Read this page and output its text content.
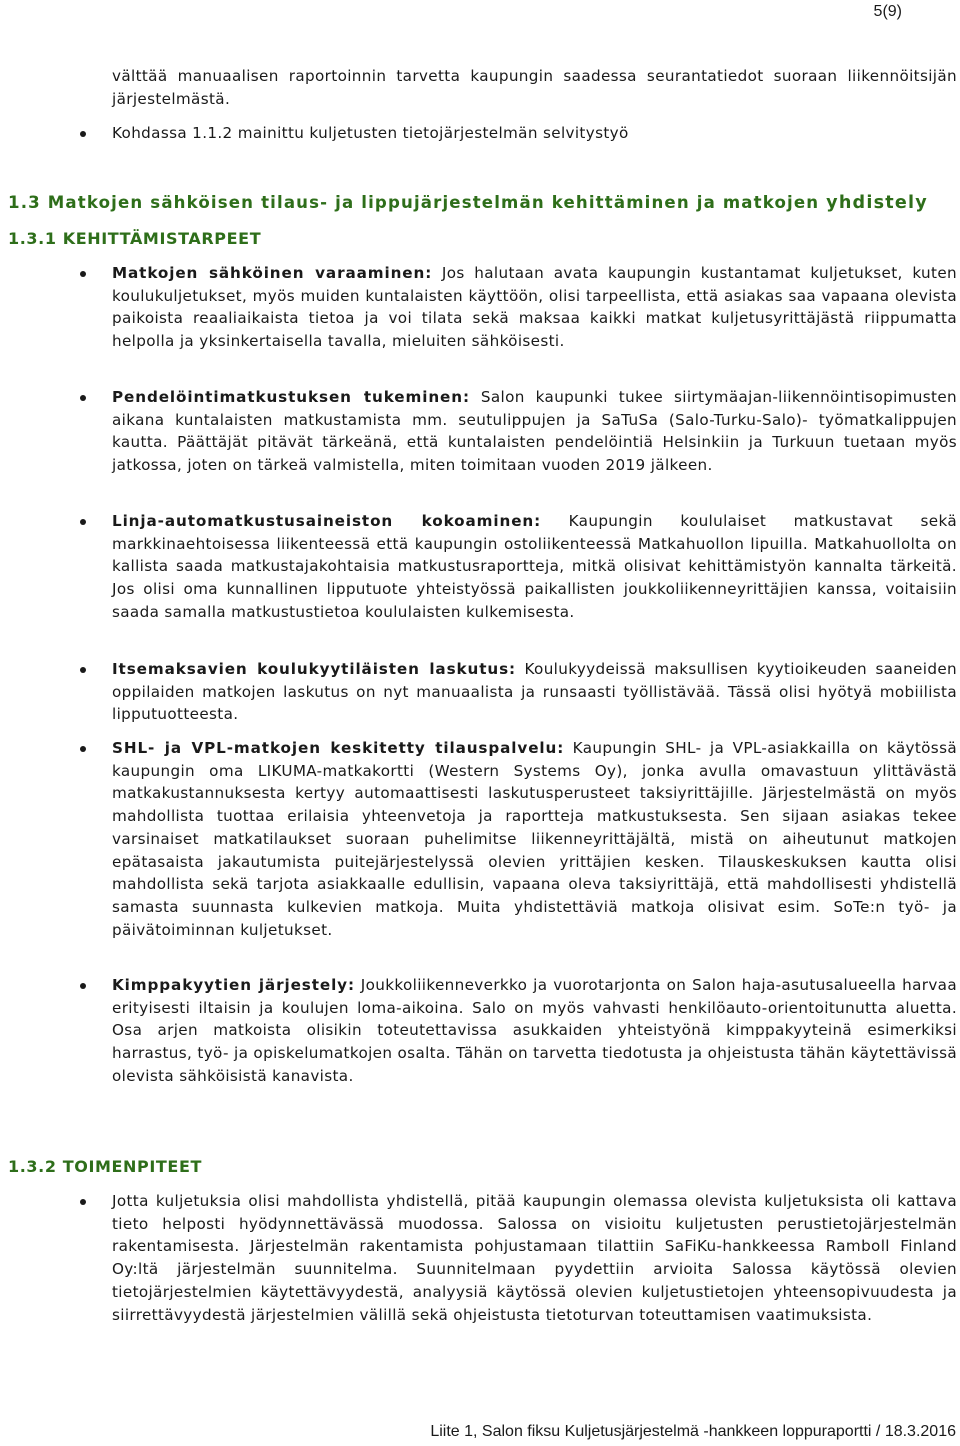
5(9)

välttää manuaalisen raportoinnin tarvetta kaupungin saadessa seurantatiedot suoraan liikennöitsijän järjestelmästä.

Kohdassa 1.1.2 mainittu kuljetusten tietojärjestelmän selvitystyö
1.3 Matkojen sähköisen tilaus- ja lippujärjestelmän kehittäminen ja matkojen yhdistely
1.3.1 KEHITTÄMISTARPEET
Matkojen sähköinen varaaminen: Jos halutaan avata kaupungin kustantamat kuljetukset, kuten koulukuljetukset, myös muiden kuntalaisten käyttöön, olisi tarpeellista, että asiakas saa vapaana olevista paikoista reaaliaikaista tietoa ja voi tilata sekä maksaa kaikki matkat kuljetusyrittäjästä riippumatta helpolla ja yksinkertaisella tavalla, mieluiten sähköisesti.
Pendelöintimatkustuksen tukeminen: Salon kaupunki tukee siirtymäajan-liikennöintisopimusten aikana kuntalaisten matkustamista mm. seutulippujen ja SaTuSa (Salo-Turku-Salo)- työmatkalippujen kautta. Päättäjät pitävät tärkeänä, että kuntalaisten pendelöintiä Helsinkiin ja Turkuun tuetaan myös jatkossa, joten on tärkeä valmistella, miten toimitaan vuoden 2019 jälkeen.
Linja-automatkustusaineiston kokoaminen: Kaupungin koululaiset matkustavat sekä markkinaehtoisessa liikenteessä että kaupungin ostoliikenteessä Matkahuollon lipuilla. Matkahuollolta on kallista saada matkustajakohtaisia matkustusraportteja, mitkä olisivat kehittämistyön kannalta tärkeitä. Jos olisi oma kunnallinen lipputuote yhteistyössä paikallisten joukkoliikenneyrittäjien kanssa, voitaisiin saada samalla matkustustietoa koululaisten kulkemisesta.
Itsemaksavien koulukyytiläisten laskutus: Koulukyydeissä maksullisen kyytioikeuden saaneiden oppilaiden matkojen laskutus on nyt manuaalista ja runsaasti työllistävää. Tässä olisi hyötyä mobiilista lipputuotteesta.
SHL- ja VPL-matkojen keskitetty tilauspalvelu: Kaupungin SHL- ja VPL-asiakkailla on käytössä kaupungin oma LIKUMA-matkakortti (Western Systems Oy), jonka avulla omavastuun ylittävästä matkakustannuksesta kertyy automaattisesti laskutusperusteet taksiyrittäjille. Järjestelmästä on myös mahdollista tuottaa erilaisia yhteenvetoja ja raportteja matkustuksesta. Sen sijaan asiakas tekee varsinaiset matkatilaukset suoraan puhelimitse liikenneyrittäjältä, mistä on aiheutunut matkojen epätasaista jakautumista puitejärjestelyssä olevien yrittäjien kesken. Tilauskeskuksen kautta olisi mahdollista sekä tarjota asiakkaalle edullisin, vapaana oleva taksiyrittäjä, että mahdollisesti yhdistellä samasta suunnasta kulkevien matkoja. Muita yhdistettäviä matkoja olisivat esim. SoTe:n työ- ja päivätoiminnan kuljetukset.
Kimppakyytien järjestely: Joukkoliikenneverkko ja vuorotarjonta on Salon haja-asutusalueella harvaa erityisesti iltaisin ja koulujen loma-aikoina. Salo on myös vahvasti henkilöauto-orientoitunutta aluetta. Osa arjen matkoista olisikin toteutettavissa asukkaiden yhteistyönä kimppakyyteinä esimerkiksi harrastus, työ- ja opiskelumatkojen osalta. Tähän on tarvetta tiedotusta ja ohjeistusta tähän käytettävissä olevista sähköisistä kanavista.
1.3.2 TOIMENPITEET
Jotta kuljetuksia olisi mahdollista yhdistellä, pitää kaupungin olemassa olevista kuljetuksista oli kattava tieto helposti hyödynnettävässä muodossa. Salossa on visioitu kuljetusten perustietojärjestelmän rakentamisesta. Järjestelmän rakentamista pohjustamaan tilattiin SaFiKu-hankkeessa Ramboll Finland Oy:ltä järjestelmän suunnitelma. Suunnitelmaan pyydettiin arvioita Salossa käytössä olevien tietojärjestelmien käytettävyydestä, analyysiä käytössä olevien kuljetustietojen yhteensopivuudesta ja siirrettävyydestä järjestelmien välillä sekä ohjeistusta tietoturvan toteuttamisen vaatimuksista.
Liite 1, Salon fiksu Kuljetusjärjestelmä -hankkeen loppuraportti / 18.3.2016
